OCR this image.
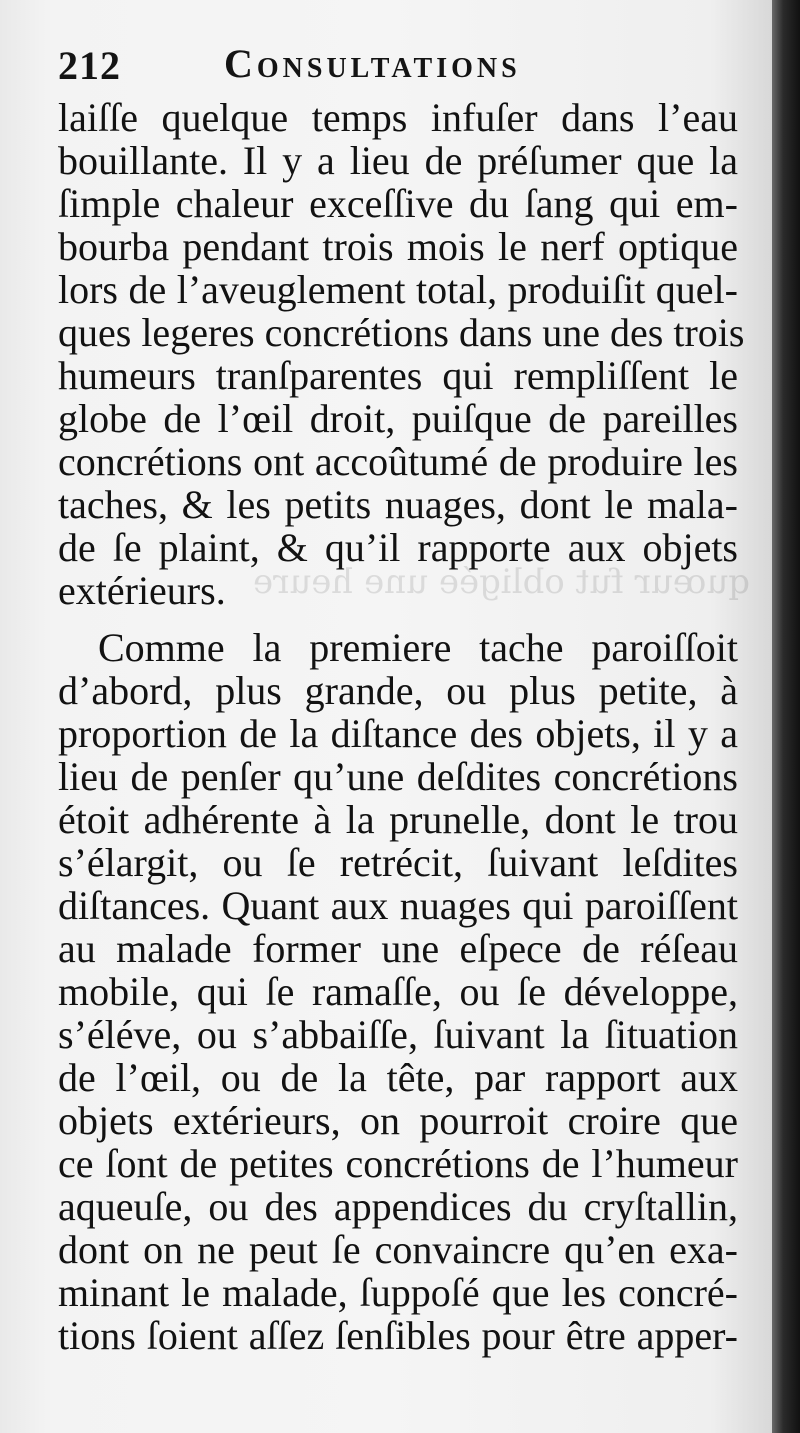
quœur fut obligée une heure
212	Consultations
laiſſe quelque temps infuſer dans l’eau
bouillante. Il y a lieu de préſumer que la
ſimple chaleur exceſſive du ſang qui em-
bourba pendant trois mois le nerf optique
lors de l’aveuglement total, produiſit quel-
ques legeres concrétions dans une des trois
humeurs tranſparentes qui rempliſſent le
globe de l’œil droit, puiſque de pareilles
concrétions ont accoûtumé de produire les
taches, & les petits nuages, dont le mala-
de ſe plaint, & qu’il rapporte aux objets
extérieurs.
Comme la premiere tache paroiſſoit
d’abord, plus grande, ou plus petite, à
proportion de la diſtance des objets, il y a
lieu de penſer qu’une deſdites concrétions
étoit adhérente à la prunelle, dont le trou
s’élargit, ou ſe retrécit, ſuivant leſdites
diſtances. Quant aux nuages qui paroiſſent
au malade former une eſpece de réſeau
mobile, qui ſe ramaſſe, ou ſe développe,
s’éléve, ou s’abbaiſſe, ſuivant la ſituation
de l’œil, ou de la tête, par rapport aux
objets extérieurs, on pourroit croire que
ce ſont de petites concrétions de l’humeur
aqueuſe, ou des appendices du cryſtallin,
dont on ne peut ſe convaincre qu’en exa-
minant le malade, ſuppoſé que les concré-
tions ſoient aſſez ſenſibles pour être apper-
